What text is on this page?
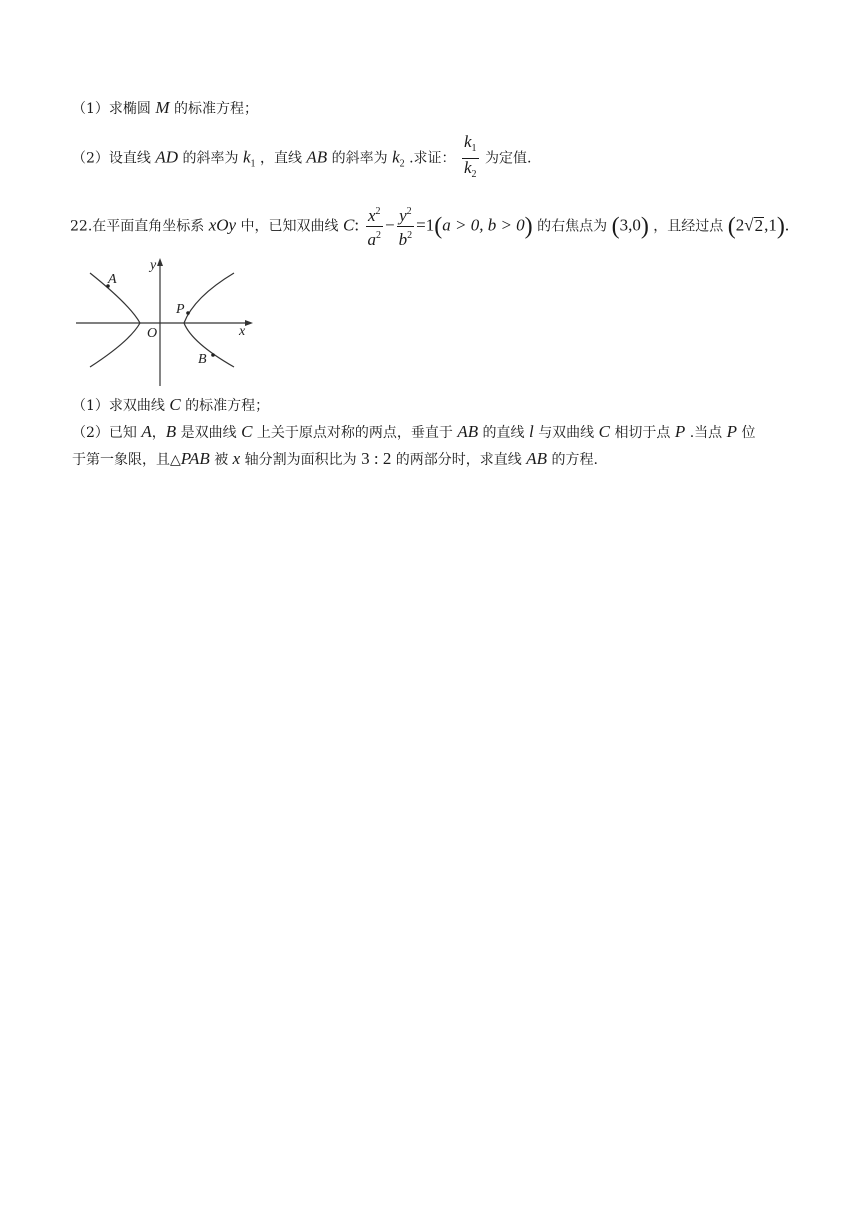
（1）求椭圆 M 的标准方程；
（2）设直线 AD 的斜率为 $k_1$ ，直线 AB 的斜率为 $k_2$ .求证： $\frac{k_1}{k_2}$ 为定值.
22.在平面直角坐标系 xOy 中，已知双曲线 C: $\frac{x^2}{a^2} - \frac{y^2}{b^2} =1(a > 0$, b > 0) 的右焦点为 (3,0) ，且经过点 (2√2,1).
y
x
O
A
P
B
（1）求双曲线 C 的标准方程；
（2）已知 A，B 是双曲线 C 上关于原点对称的两点，垂直于 AB 的直线 l 与双曲线 C 相切于点 P .当点 P 位
于第一象限，且△PAB 被 x 轴分割为面积比为 3 : 2 的两部分时，求直线 AB 的方程.
